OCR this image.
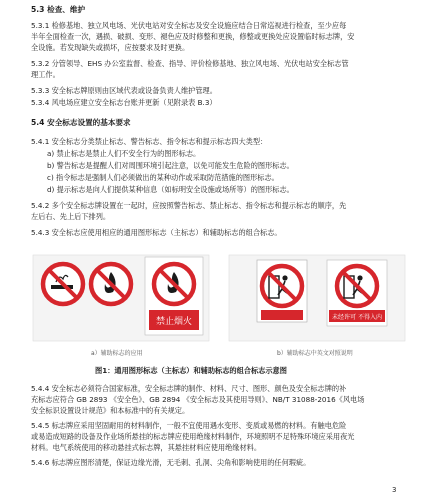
5.3 检查、维护
5.3.1 检修基地、独立风电场、光伏电站对安全标志及安全设施应结合日常巡视进行检查，至少应每
半年全面检查一次，遇损、破损、变形、褪色应及时修整和更换，修整或更换处应设置临时标志牌，安
全设施。若发现缺失或损坏，应按要求及时更换。
5.3.2 分管领导、EHS 办公室监督、检查、指导、评价检修基地、独立风电场、光伏电站安全标志管
理工作。
5.3.3 安全标志牌原则由区域代表或设备负责人维护管理。
5.3.4 风电场应建立安全标志台账并更新（见附录表 B.3）
5.4 安全标志设置的基本要求
5.4.1 安全标志分类禁止标志、警告标志、指令标志和提示标志四大类型：
a) 禁止标志是禁止人们不安全行为的图形标志。
b) 警告标志是提醒人们对周围环境引起注意，以免可能发生危险的图形标志。
c) 指令标志是强制人们必须做出的某种动作或采取防范措施的图形标志。
d) 提示标志是向人们提供某种信息（如标明安全设施或场所等）的图形标志。
5.4.2 多个安全标志牌设置在一起时，应按照警告标志、禁止标志、指令标志和提示标志的顺序，先
左后右、先上后下排列。
5.4.3 安全标志应使用相应的通用图形标志（主标志）和辅助标志的组合标志。
禁止烟火	未经许可 不得入内
a）辅助标志的应用	b）辅助标志中英文对照说明
图1：通用图形标志（主标志）和辅助标志的组合标志示意图
5.4.4 安全标志必须符合国家标准，安全标志牌的制作、材料、尺寸、图形、颜色及安全标志牌的补
充标志应符合 GB 2893 《安全色》、GB 2894 《安全标志及其使用导则》、NB/T 31088-2016《风电场
安全标识设置设计规范》和本标准中的有关规定。
5.4.5 标志牌应采用坚固耐用的材料制作，一般不宜使用遇水变形、变质或易燃的材料。有触电危险
或易造成短路的设备及作业场所悬挂的标志牌应使用绝缘材料制作，环境照明不足特殊环境应采用夜光
材料。电气系统使用的移动悬挂式标志牌，其悬挂材料应使用绝缘材料。
5.4.6 标志牌应图形清楚，保证边缘光滑，无毛刺、孔洞、尖角和影响使用的任何瑕疵。
3
